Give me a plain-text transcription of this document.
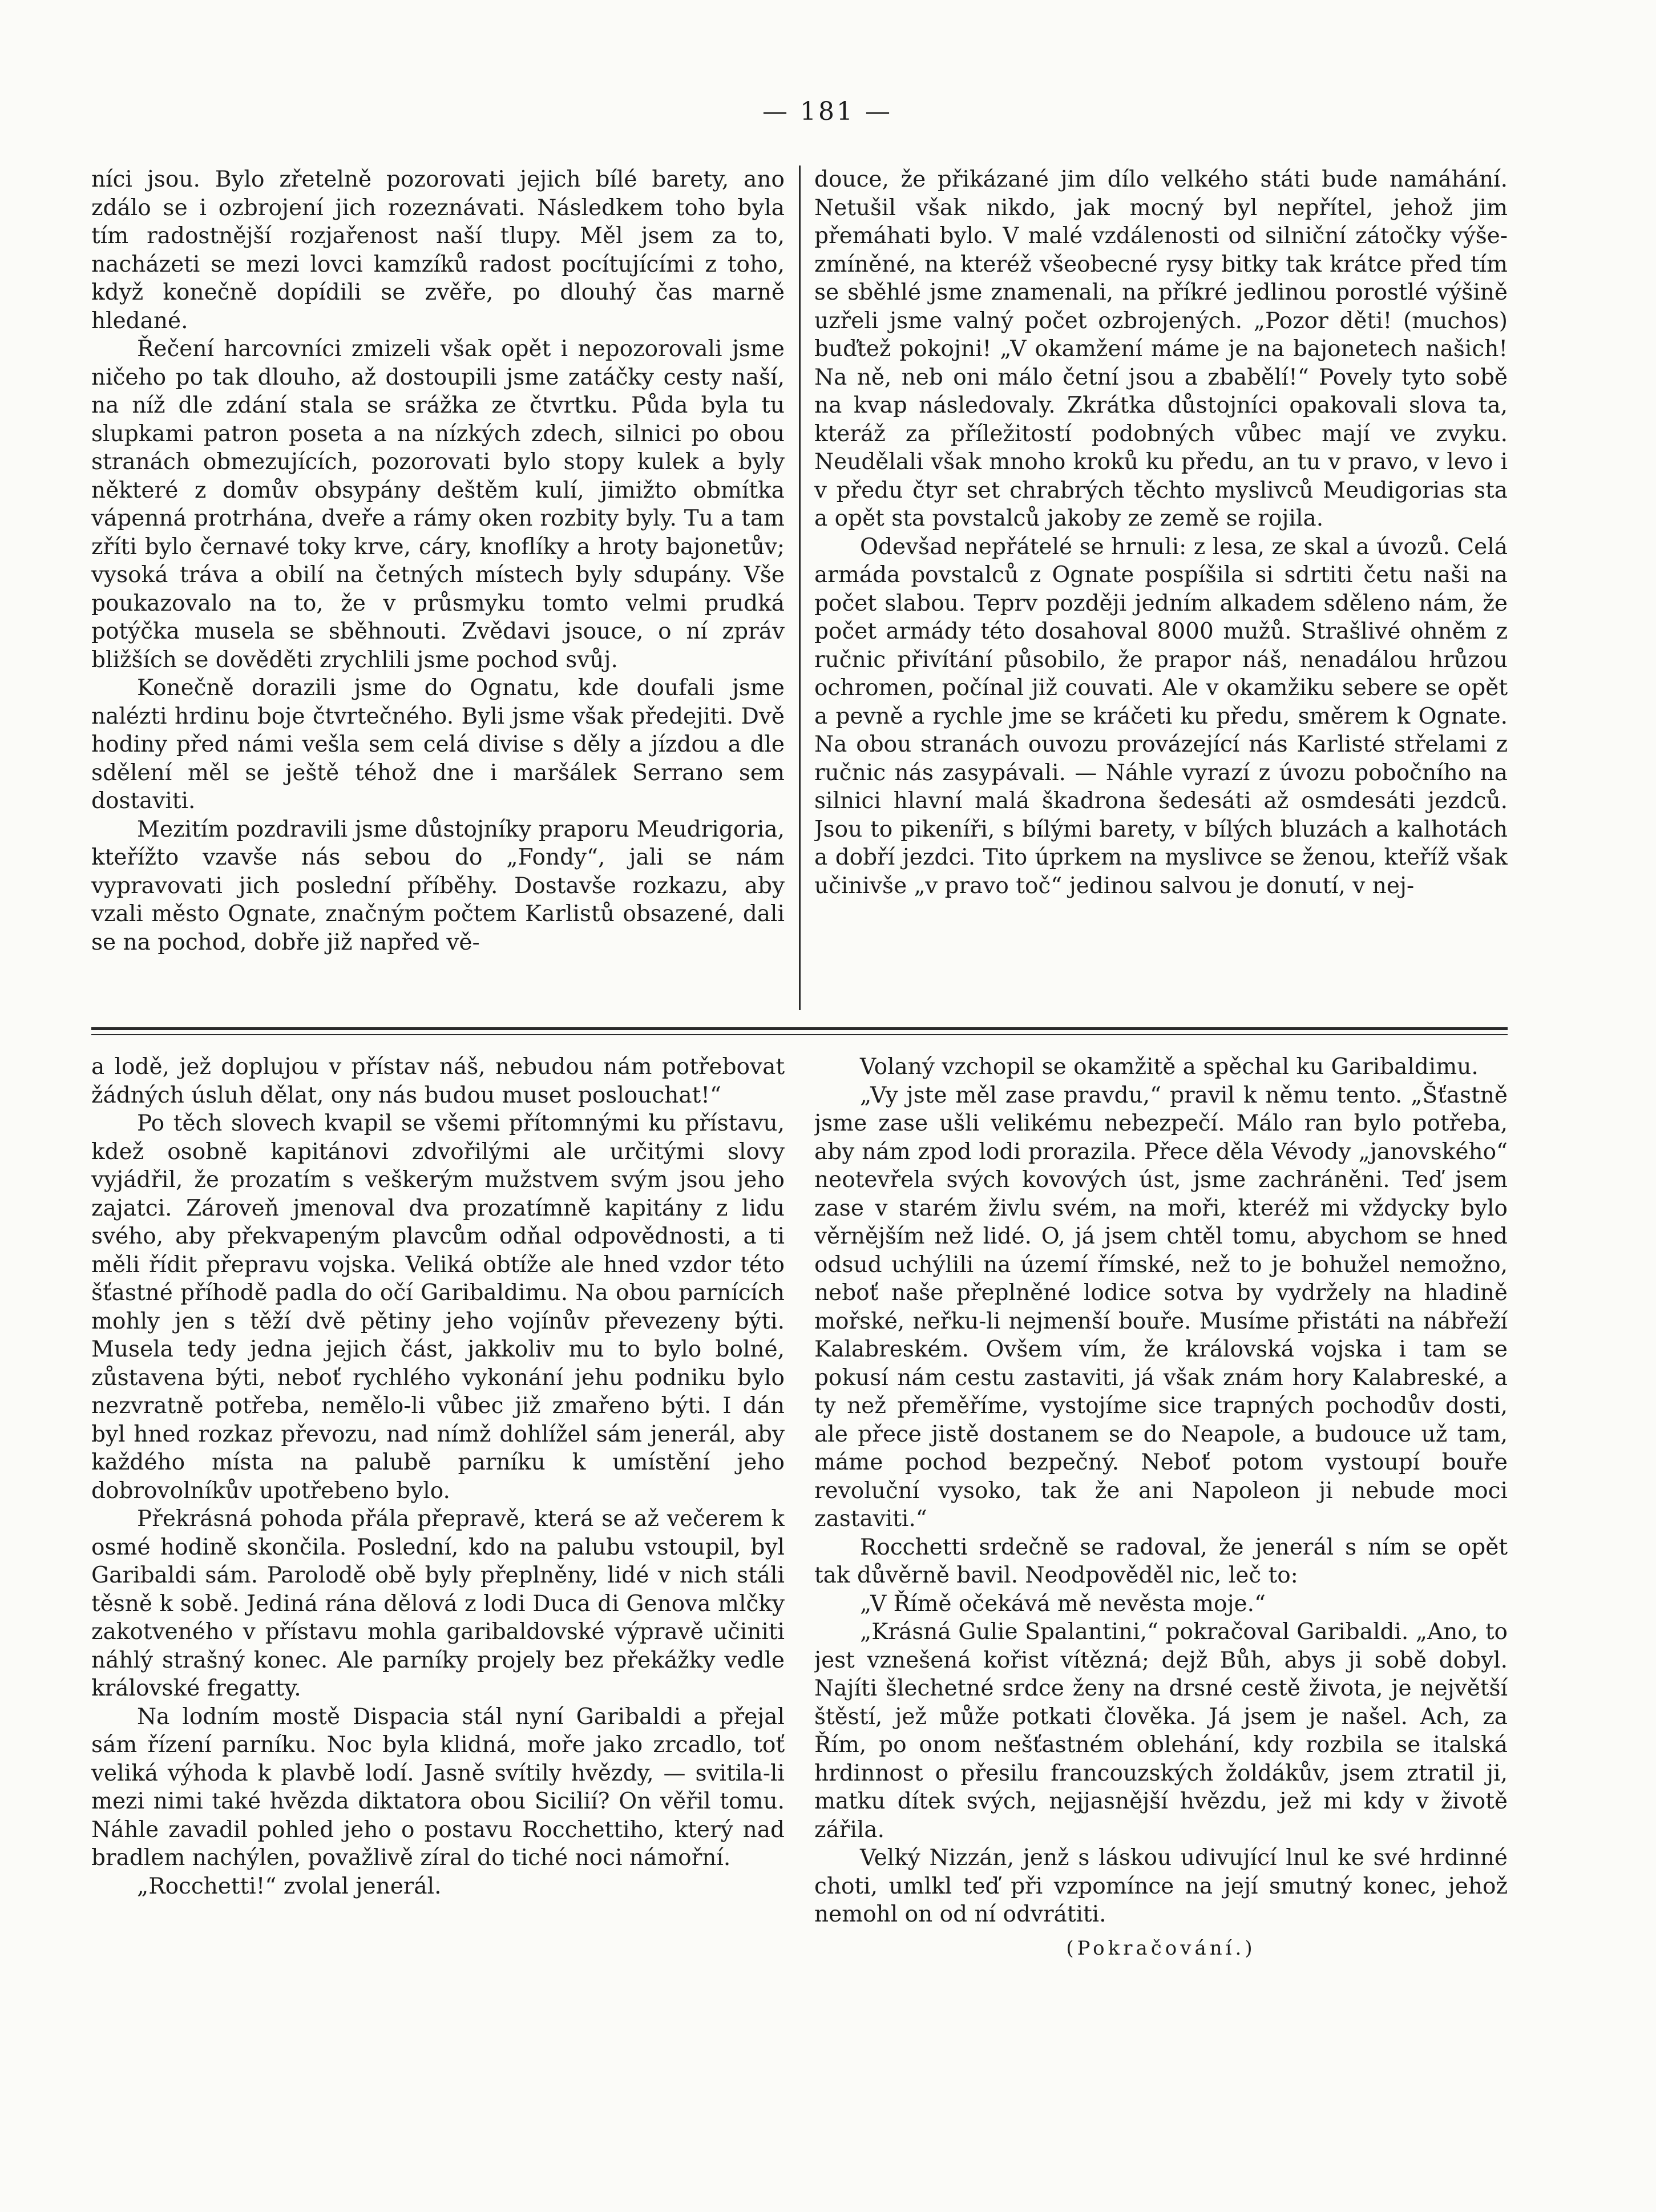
— 181 —

níci jsou. Bylo zřetelně pozorovati jejich bílé barety, ano zdálo se i ozbrojení jich rozeznávati. Následkem toho byla tím radostnější rozjařenost naší tlupy. Měl jsem za to, nacházeti se mezi lovci kamzíků radost pocítujícími z toho, když konečně dopídili se zvěře, po dlouhý čas marně hledané.

Řečení harcovníci zmizeli však opět i nepozorovali jsme ničeho po tak dlouho, až dostoupili jsme zatáčky cesty naší, na níž dle zdání stala se srážka ze čtvrtku. Půda byla tu slupkami patron poseta a na nízkých zdech, silnici po obou stranách obmezujících, pozorovati bylo stopy kulek a byly některé z domův obsypány deštěm kulí, jimižto obmítka vápenná protrhána, dveře a rámy oken rozbity byly. Tu a tam zříti bylo černavé toky krve, cáry, knoflíky a hroty bajonetův; vysoká tráva a obilí na četných místech byly sdupány. Vše poukazovalo na to, že v průsmyku tomto velmi prudká potýčka musela se sběhnouti. Zvědavi jsouce, o ní zpráv bližších se dověděti zrychlili jsme pochod svůj.

Konečně dorazili jsme do Ognatu, kde doufali jsme nalézti hrdinu boje čtvrtečného. Byli jsme však předejiti. Dvě hodiny před námi vešla sem celá divise s děly a jízdou a dle sdělení měl se ještě téhož dne i maršálek Serrano sem dostaviti.

Mezitím pozdravili jsme důstojníky praporu Meudrigoria, kteřížto vzavše nás sebou do „Fondy“, jali se nám vypravovati jich poslední příběhy. Dostavše rozkazu, aby vzali město Ognate, značným počtem Karlistů obsazené, dali se na pochod, dobře již napřed vě-

douce, že přikázané jim dílo velkého státi bude namáhání. Netušil však nikdo, jak mocný byl nepřítel, jehož jim přemáhati bylo. V malé vzdálenosti od silniční zátočky výše-zmíněné, na kteréž všeobecné rysy bitky tak krátce před tím se sběhlé jsme znamenali, na příkré jedlinou porostlé výšině uzřeli jsme valný počet ozbrojených. „Pozor děti! (muchos) buďtež pokojni! „V okamžení máme je na bajonetech našich! Na ně, neb oni málo četní jsou a zbabělí!“ Povely tyto sobě na kvap následovaly. Zkrátka důstojníci opakovali slova ta, kteráž za příležitostí podobných vůbec mají ve zvyku. Neudělali však mnoho kroků ku předu, an tu v pravo, v levo i v předu čtyr set chrabrých těchto myslivců Meudigorias sta a opět sta povstalců jakoby ze země se rojila.

Odevšad nepřátelé se hrnuli: z lesa, ze skal a úvozů. Celá armáda povstalců z Ognate pospíšila si sdrtiti četu naši na počet slabou. Teprv později jedním alkadem sděleno nám, že počet armády této dosahoval 8000 mužů. Strašlivé ohněm z ručnic přivítání působilo, že prapor náš, nenadálou hrůzou ochromen, počínal již couvati. Ale v okamžiku sebere se opět a pevně a rychle jme se kráčeti ku předu, směrem k Ognate. Na obou stranách ouvozu provázející nás Karlisté střelami z ručnic nás zasypávali. — Náhle vyrazí z úvozu pobočního na silnici hlavní malá škadrona šedesáti až osmdesáti jezdců. Jsou to pikeníři, s bílými barety, v bílých bluzách a kalhotách a dobří jezdci. Tito úprkem na myslivce se ženou, kteříž však učinivše „v pravo toč“ jedinou salvou je donutí, v nej-

a lodě, jež doplujou v přístav náš, nebudou nám potřebovat žádných úsluh dělat, ony nás budou muset poslouchat!“

Po těch slovech kvapil se všemi přítomnými ku přístavu, kdež osobně kapitánovi zdvořilými ale určitými slovy vyjádřil, že prozatím s veškerým mužstvem svým jsou jeho zajatci. Zároveň jmenoval dva prozatímně kapitány z lidu svého, aby překvapeným plavcům odňal odpovědnosti, a ti měli řídit přepravu vojska. Veliká obtíže ale hned vzdor této šťastné příhodě padla do očí Garibaldimu. Na obou parnících mohly jen s těží dvě pětiny jeho vojínův převezeny býti. Musela tedy jedna jejich část, jakkoliv mu to bylo bolné, zůstavena býti, neboť rychlého vykonání jehu podniku bylo nezvratně potřeba, nemělo-li vůbec již zmařeno býti. I dán byl hned rozkaz převozu, nad nímž dohlížel sám jenerál, aby každého místa na palubě parníku k umístění jeho dobrovolníkův upotřebeno bylo.

Překrásná pohoda přála přepravě, která se až večerem k osmé hodině skončila. Poslední, kdo na palubu vstoupil, byl Garibaldi sám. Parolodě obě byly přeplněny, lidé v nich stáli těsně k sobě. Jediná rána dělová z lodi Duca di Genova mlčky zakotveného v přístavu mohla garibaldovské výpravě učiniti náhlý strašný konec. Ale parníky projely bez překážky vedle královské fregatty.

Na lodním mostě Dispacia stál nyní Garibaldi a přejal sám řízení parníku. Noc byla klidná, moře jako zrcadlo, toť veliká výhoda k plavbě lodí. Jasně svítily hvězdy, — svitila-li mezi nimi také hvězda diktatora obou Sicilií? On věřil tomu. Náhle zavadil pohled jeho o postavu Rocchettiho, který nad bradlem nachýlen, považlivě zíral do tiché noci námořní.

„Rocchetti!“ zvolal jenerál.

Volaný vzchopil se okamžitě a spěchal ku Garibaldimu.

„Vy jste měl zase pravdu,“ pravil k němu tento. „Šťastně jsme zase ušli velikému nebezpečí. Málo ran bylo potřeba, aby nám zpod lodi prorazila. Přece děla Vévody „janovského“ neotevřela svých kovových úst, jsme zachráněni. Teď jsem zase v starém živlu svém, na moři, kteréž mi vždycky bylo věrnějším než lidé. O, já jsem chtěl tomu, abychom se hned odsud uchýlili na území římské, než to je bohužel nemožno, neboť naše přeplněné lodice sotva by vydržely na hladině mořské, neřku-li nejmenší bouře. Musíme přistáti na nábřeží Kalabreském. Ovšem vím, že královská vojska i tam se pokusí nám cestu zastaviti, já však znám hory Kalabreské, a ty než přeměříme, vystojíme sice trapných pochodův dosti, ale přece jistě dostanem se do Neapole, a budouce už tam, máme pochod bezpečný. Neboť potom vystoupí bouře revoluční vysoko, tak že ani Napoleon ji nebude moci zastaviti.“

Rocchetti srdečně se radoval, že jenerál s ním se opět tak důvěrně bavil. Neodpověděl nic, leč to:

„V Římě očekává mě nevěsta moje.“

„Krásná Gulie Spalantini,“ pokračoval Garibaldi. „Ano, to jest vznešená kořist vítězná; dejž Bůh, abys ji sobě dobyl. Najíti šlechetné srdce ženy na drsné cestě života, je největší štěstí, jež může potkati člověka. Já jsem je našel. Ach, za Řím, po onom nešťastném oblehání, kdy rozbila se italská hrdinnost o přesilu francouzských žoldákův, jsem ztratil ji, matku dítek svých, nejjasnější hvězdu, jež mi kdy v životě zářila.

Velký Nizzán, jenž s láskou udivující lnul ke své hrdinné choti, umlkl teď při vzpomínce na její smutný konec, jehož nemohl on od ní odvrátiti.

(Pokračování.)
